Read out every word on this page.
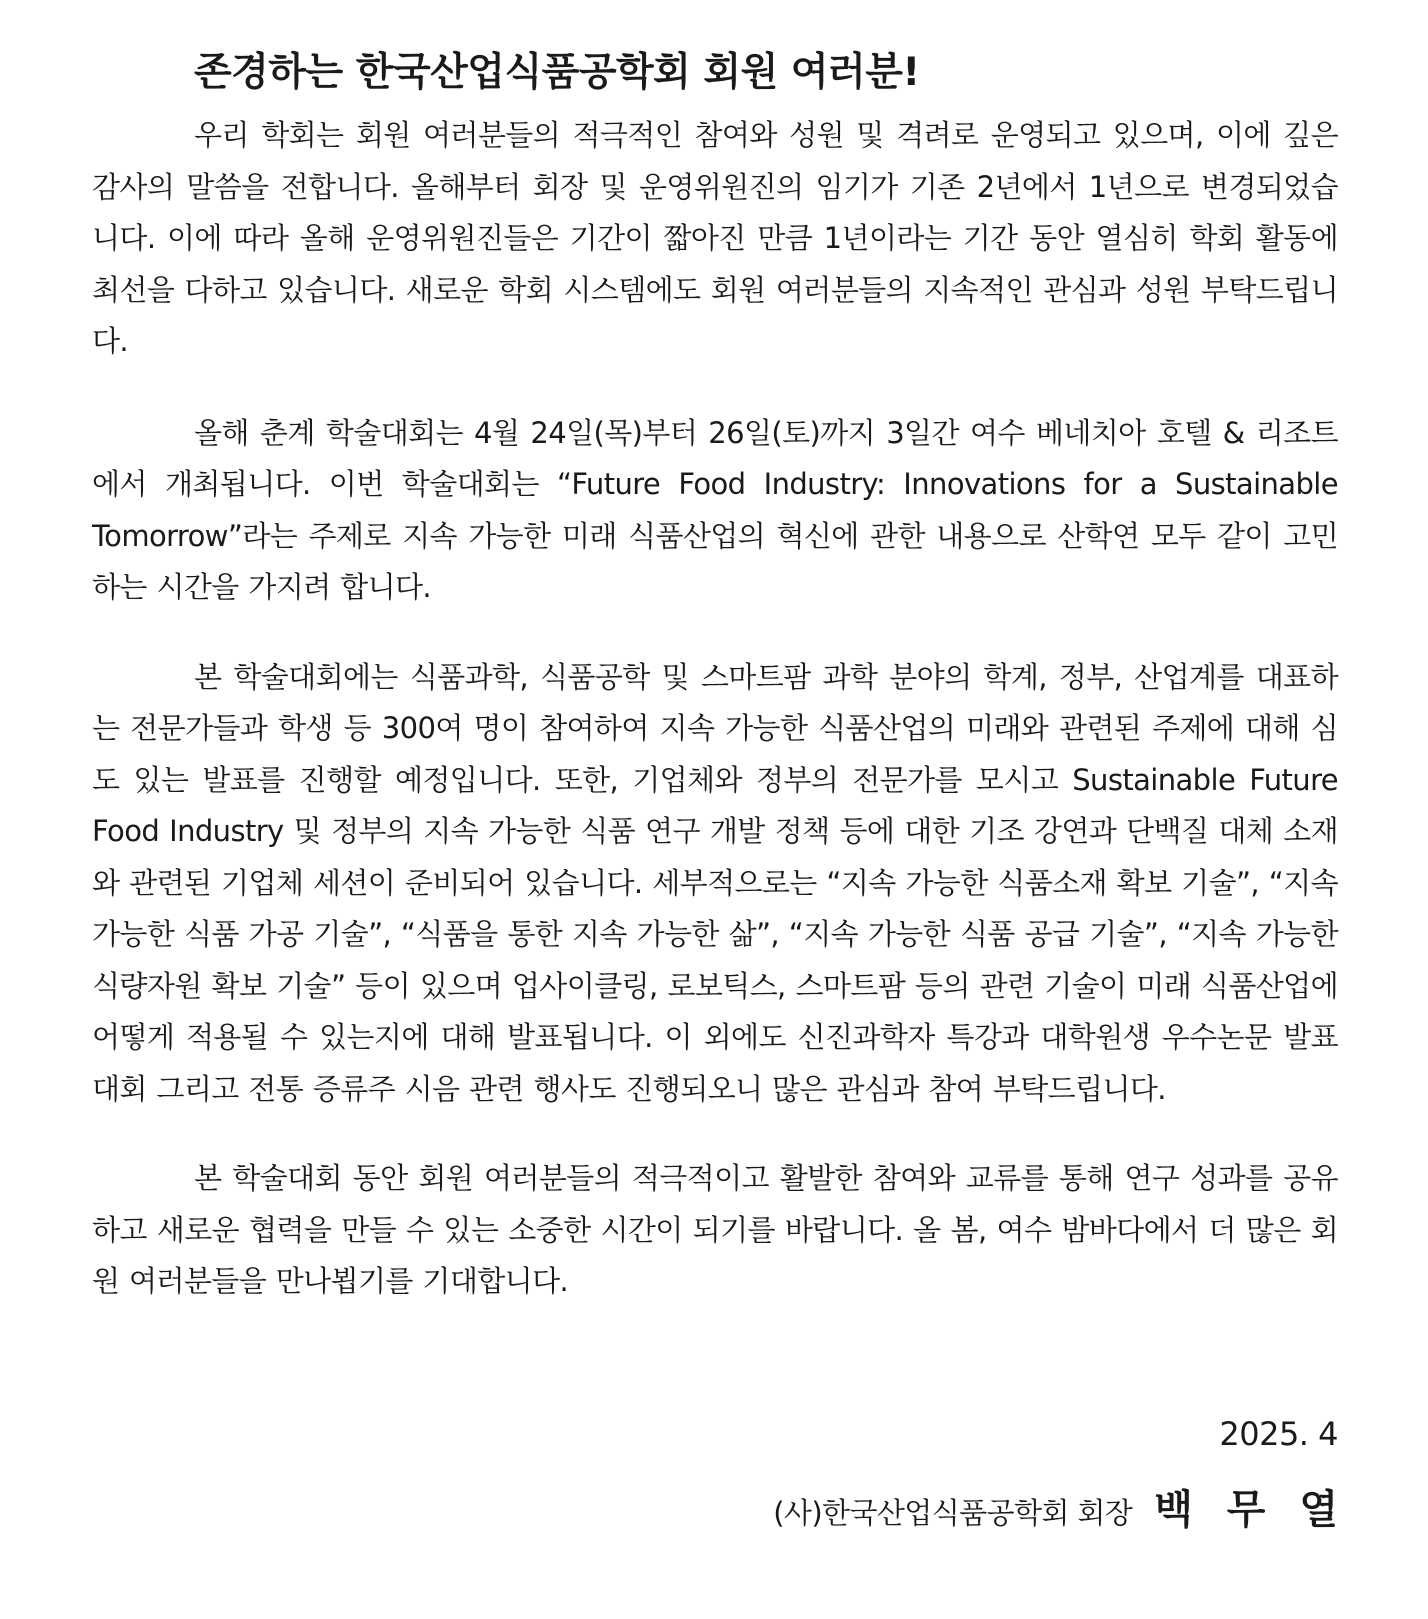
존경하는 한국산업식품공학회 회원 여러분!

우리 학회는 회원 여러분들의 적극적인 참여와 성원 및 격려로 운영되고 있으며, 이에 깊은 감사의 말씀을 전합니다. 올해부터 회장 및 운영위원진의 임기가 기존 2년에서 1년으로 변경되었습니다. 이에 따라 올해 운영위원진들은 기간이 짧아진 만큼 1년이라는 기간 동안 열심히 학회 활동에 최선을 다하고 있습니다. 새로운 학회 시스템에도 회원 여러분들의 지속적인 관심과 성원 부탁드립니다.

올해 춘계 학술대회는 4월 24일(목)부터 26일(토)까지 3일간 여수 베네치아 호텔 & 리조트에서 개최됩니다. 이번 학술대회는 “Future Food Industry: Innovations for a Sustainable Tomorrow”라는 주제로 지속 가능한 미래 식품산업의 혁신에 관한 내용으로 산학연 모두 같이 고민하는 시간을 가지려 합니다.

본 학술대회에는 식품과학, 식품공학 및 스마트팜 과학 분야의 학계, 정부, 산업계를 대표하는 전문가들과 학생 등 300여 명이 참여하여 지속 가능한 식품산업의 미래와 관련된 주제에 대해 심도 있는 발표를 진행할 예정입니다. 또한, 기업체와 정부의 전문가를 모시고 Sustainable Future Food Industry 및 정부의 지속 가능한 식품 연구 개발 정책 등에 대한 기조 강연과 단백질 대체 소재와 관련된 기업체 세션이 준비되어 있습니다. 세부적으로는 “지속 가능한 식품소재 확보 기술”, “지속 가능한 식품 가공 기술”, “식품을 통한 지속 가능한 삶”, “지속 가능한 식품 공급 기술”, “지속 가능한 식량자원 확보 기술” 등이 있으며 업사이클링, 로보틱스, 스마트팜 등의 관련 기술이 미래 식품산업에 어떻게 적용될 수 있는지에 대해 발표됩니다. 이 외에도 신진과학자 특강과 대학원생 우수논문 발표대회 그리고 전통 증류주 시음 관련 행사도 진행되오니 많은 관심과 참여 부탁드립니다.

본 학술대회 동안 회원 여러분들의 적극적이고 활발한 참여와 교류를 통해 연구 성과를 공유하고 새로운 협력을 만들 수 있는 소중한 시간이 되기를 바랍니다. 올 봄, 여수 밤바다에서 더 많은 회원 여러분들을 만나뵙기를 기대합니다.

2025. 4
(사)한국산업식품공학회 회장 백 무 열
